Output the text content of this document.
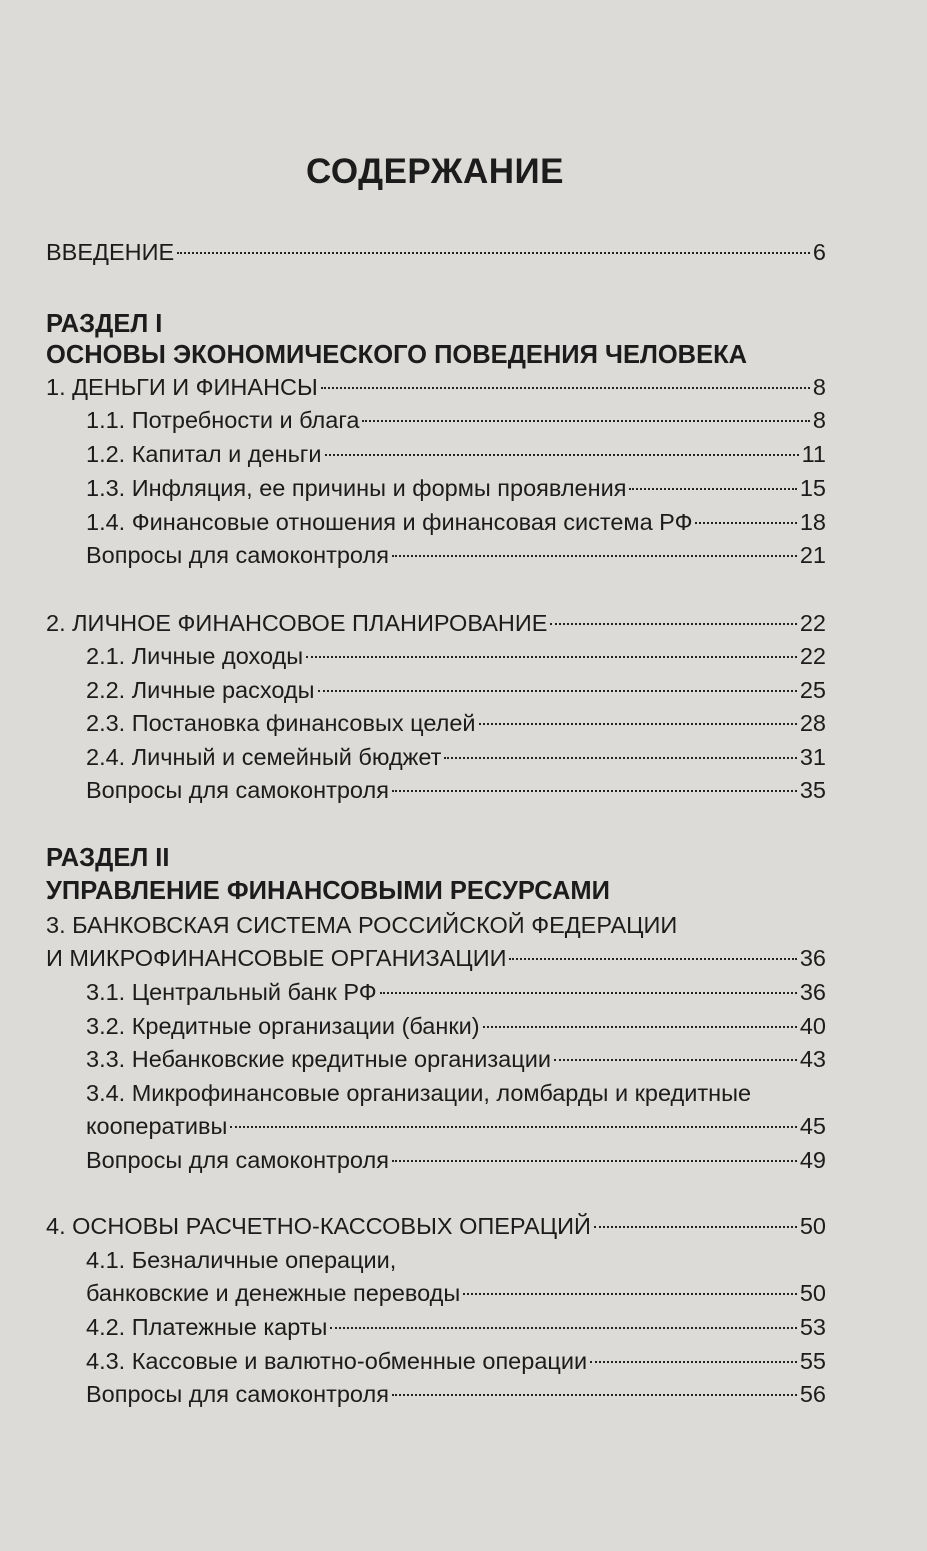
СОДЕРЖАНИЕ
ВВЕДЕНИЕ	6
РАЗДЕЛ I
ОСНОВЫ ЭКОНОМИЧЕСКОГО ПОВЕДЕНИЯ ЧЕЛОВЕКА
1. ДЕНЬГИ И ФИНАНСЫ	8
1.1. Потребности и блага	8
1.2. Капитал и деньги	11
1.3. Инфляция, ее причины и формы проявления	15
1.4. Финансовые отношения и финансовая система РФ	18
Вопросы для самоконтроля	21
2. ЛИЧНОЕ ФИНАНСОВОЕ ПЛАНИРОВАНИЕ	22
2.1. Личные доходы	22
2.2. Личные расходы	25
2.3. Постановка финансовых целей	28
2.4. Личный и семейный бюджет	31
Вопросы для самоконтроля	35
РАЗДЕЛ II
УПРАВЛЕНИЕ ФИНАНСОВЫМИ РЕСУРСАМИ
3. БАНКОВСКАЯ СИСТЕМА РОССИЙСКОЙ ФЕДЕРАЦИИ
И МИКРОФИНАНСОВЫЕ ОРГАНИЗАЦИИ	36
3.1. Центральный банк РФ	36
3.2. Кредитные организации (банки)	40
3.3. Небанковские кредитные организации	43
3.4. Микрофинансовые организации, ломбарды и кредитные
кооперативы	45
Вопросы для самоконтроля	49
4. ОСНОВЫ РАСЧЕТНО-КАССОВЫХ ОПЕРАЦИЙ	50
4.1. Безналичные операции,
банковские и денежные переводы	50
4.2. Платежные карты	53
4.3. Кассовые и валютно-обменные операции	55
Вопросы для самоконтроля	56
